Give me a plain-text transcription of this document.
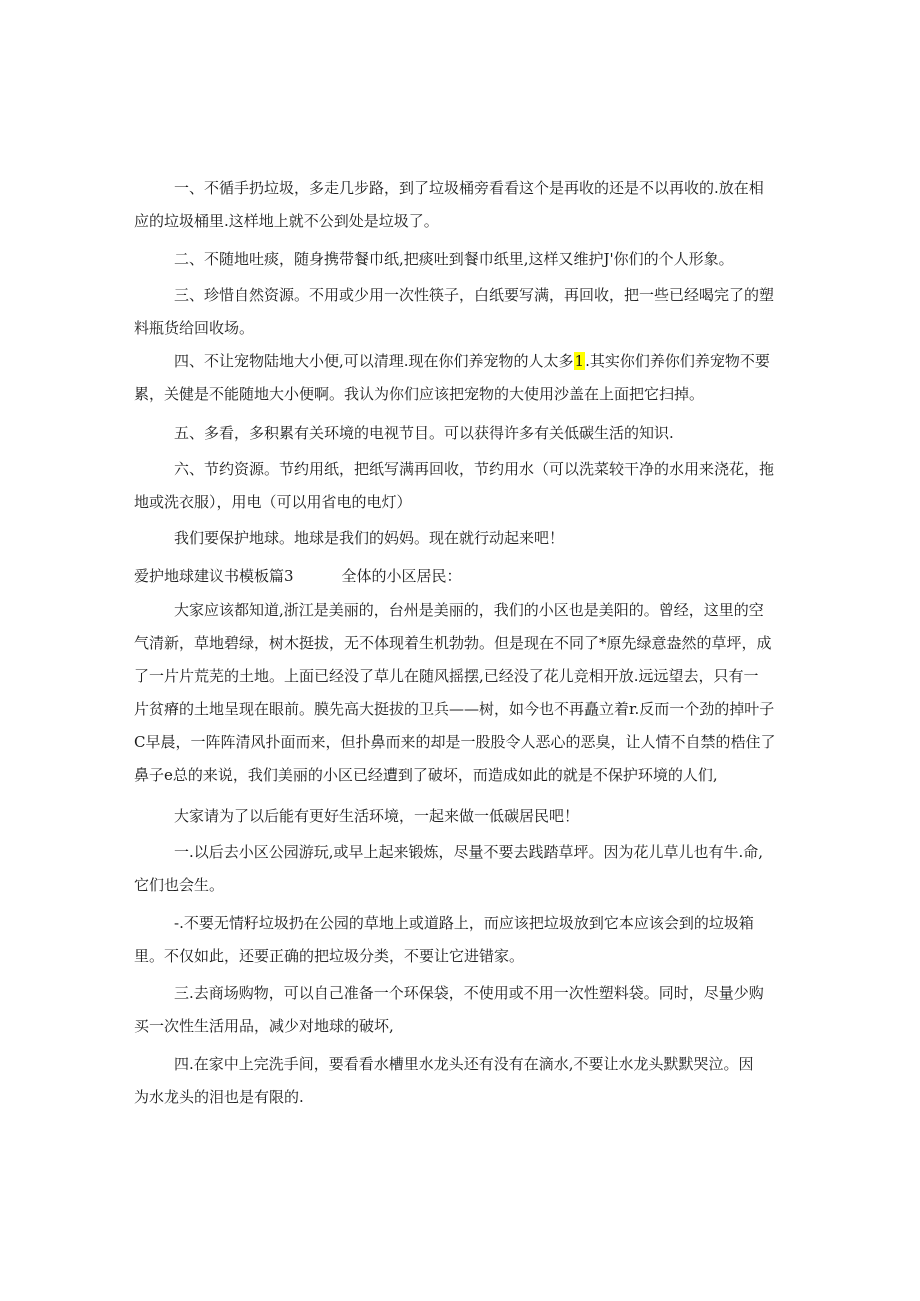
一、不循手扔垃圾，多走几步路，到了垃圾桶旁看看这个是再收的还是不以再收的.放在相
应的垃圾桶里.这样地上就不公到处是垃圾了。

二、不随地吐痰，随身携带餐巾纸,把痰吐到餐巾纸里,这样又维护J'你们的个人形象。

三、珍惜自然资源。不用或少用一次性筷子，白纸要写满，再回收，把一些已经喝完了的塑
料瓶货给回收场。

四、不让宠物陆地大小便,可以清理.现在你们养宠物的人太多1.其实你们养你们养宠物不要
累，关健是不能随地大小便啊。我认为你们应该把宠物的大使用沙盖在上面把它扫掉。

五、多看，多积累有关环境的电视节目。可以获得许多有关低碳生活的知识.

六、节约资源。节约用纸，把纸写满再回收，节约用水（可以洗菜较干净的水用来浇花，拖
地或洗衣服），用电（可以用省电的电灯）

我们要保护地球。地球是我们的妈妈。现在就行动起来吧！

爱护地球建议书模板篇3	全体的小区居民：

大家应该都知道,浙江是美丽的，台州是美丽的，我们的小区也是美阳的。曾经，这里的空
气清新，草地碧绿，树木挺拔，无不体现着生机勃勃。但是现在不同了*原先绿意盎然的草坪，成
了一片片荒芜的土地。上面已经没了草儿在随风摇摆,已经没了花儿竞相开放.远远望去，只有一
片贫瘠的土地呈现在眼前。膜先高大挺拔的卫兵——树，如今也不再矗立着r.反而一个劲的掉叶子
C早晨，一阵阵清风扑面而来，但扑鼻而来的却是一股股令人恶心的恶臭，让人情不自禁的梏住了
鼻子e总的来说，我们美丽的小区已经遭到了破坏，而造成如此的就是不保护环境的人们,

大家请为了以后能有更好生活环境，一起来做一低碳居民吧！

一.以后去小区公园游玩,或早上起来锻炼，尽量不要去践踏草坪。因为花儿草儿也有牛.命,
它们也会生。

-.不要无情籽垃圾扔在公园的草地上或道路上，而应该把垃圾放到它本应该会到的垃圾箱
里。不仅如此，还要正确的把垃圾分类，不要让它进错家。

三.去商场购物，可以自己准备一个环保袋，不使用或不用一次性塑料袋。同时，尽量少购
买一次性生活用品，减少对地球的破坏,

四.在家中上完洗手间，要看看水槽里水龙头还有没有在滴水,不要让水龙头默默哭泣。因
为水龙头的泪也是有限的.
